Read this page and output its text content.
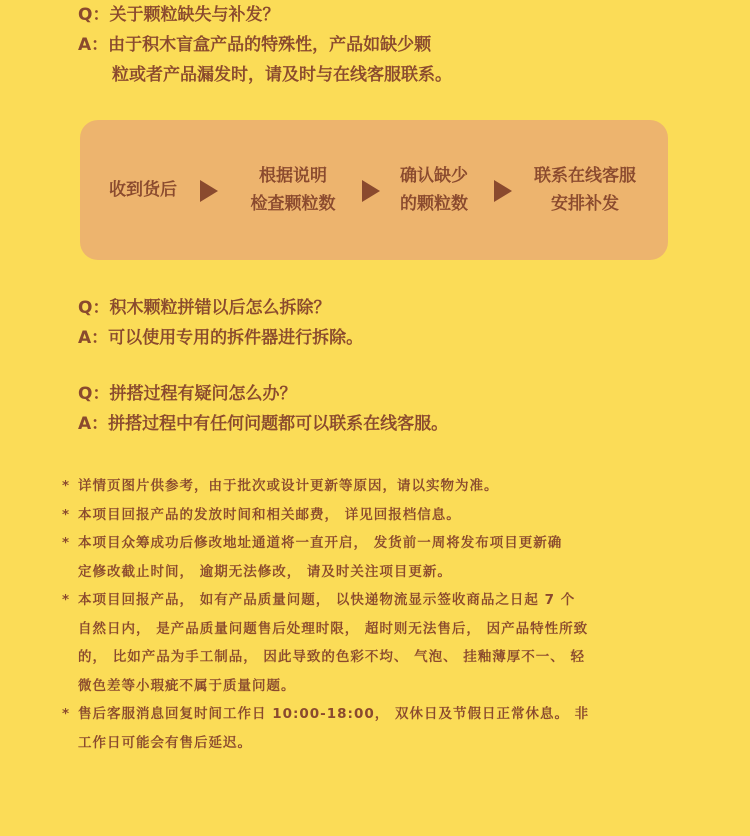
Q：关于颗粒缺失与补发？
A：由于积木盲盒产品的特殊性，产品如缺少颗
粒或者产品漏发时，请及时与在线客服联系。
收到货后
根据说明
检查颗粒数
确认缺少
的颗粒数
联系在线客服
安排补发
Q：积木颗粒拼错以后怎么拆除？
A：可以使用专用的拆件器进行拆除。
Q：拼搭过程有疑问怎么办？
A：拼搭过程中有任何问题都可以联系在线客服。
* 详情页图片供参考，由于批次或设计更新等原因，请以实物为准。
* 本项目回报产品的发放时间和相关邮费， 详见回报档信息。
* 本项目众筹成功后修改地址通道将一直开启， 发货前一周将发布项目更新确
定修改截止时间， 逾期无法修改， 请及时关注项目更新。
* 本项目回报产品， 如有产品质量问题， 以快递物流显示签收商品之日起 7 个
自然日内， 是产品质量问题售后处理时限， 超时则无法售后， 因产品特性所致
的， 比如产品为手工制品， 因此导致的色彩不均、 气泡、 挂釉薄厚不一、 轻
微色差等小瑕疵不属于质量问题。
* 售后客服消息回复时间工作日 10:00-18:00， 双休日及节假日正常休息。 非
工作日可能会有售后延迟。
